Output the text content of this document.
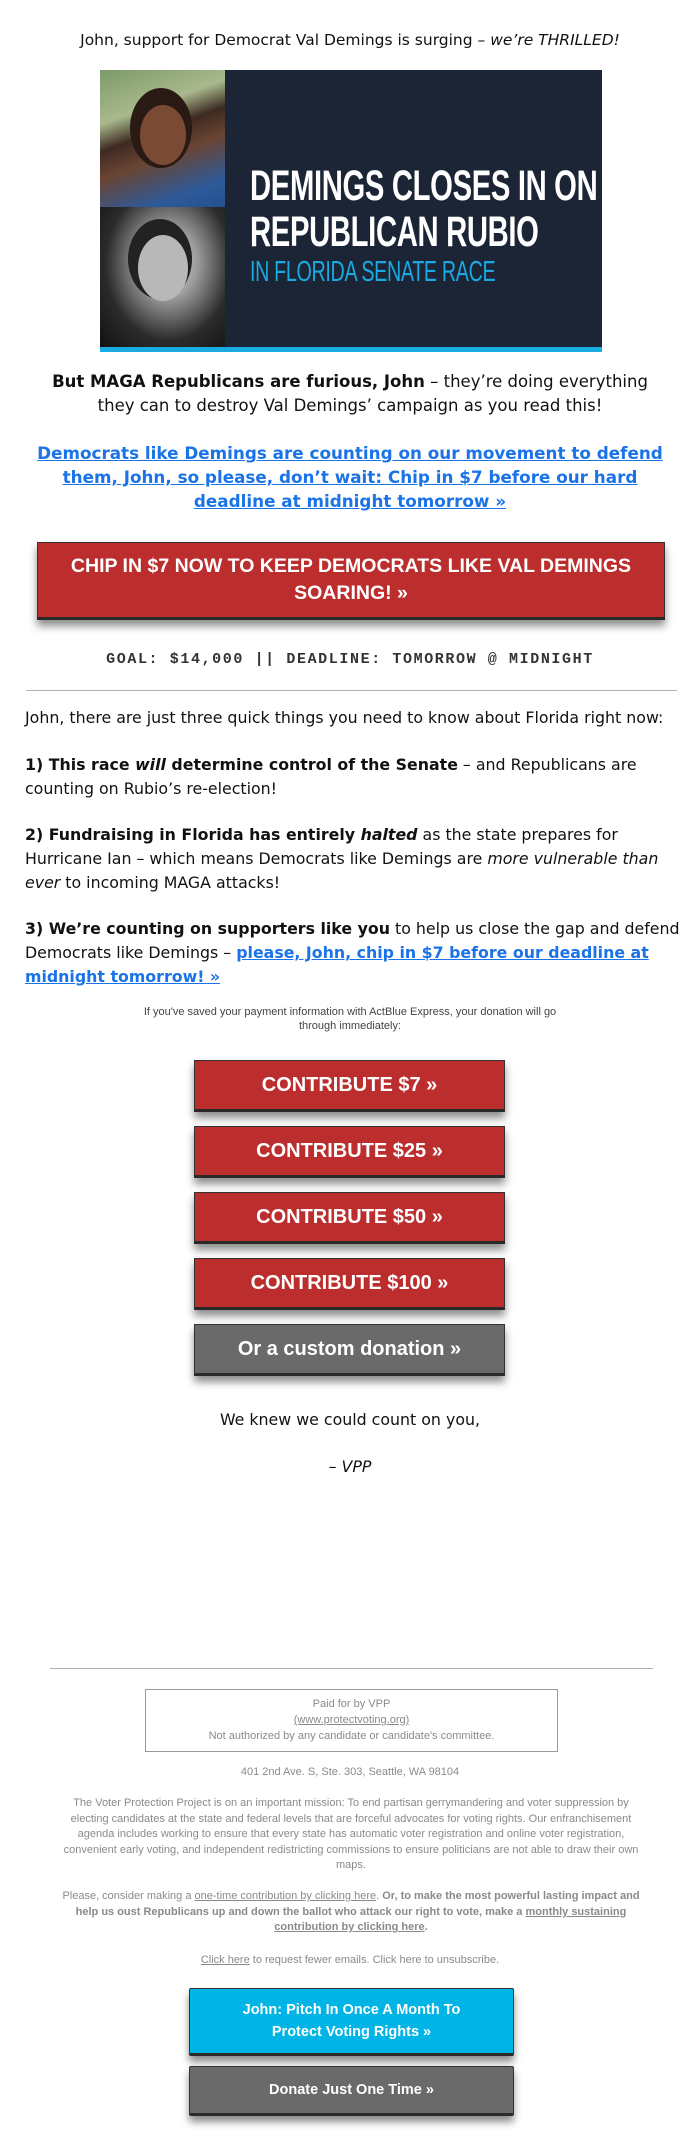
John, support for Democrat Val Demings is surging – we’re THRILLED!
DEMINGS CLOSES IN ON
REPUBLICAN RUBIO
IN FLORIDA SENATE RACE
But MAGA Republicans are furious, John – they’re doing everything they can to destroy Val Demings’ campaign as you read this!
Democrats like Demings are counting on our movement to defend them, John, so please, don’t wait: Chip in $7 before our hard deadline at midnight tomorrow »
CHIP IN $7 NOW TO KEEP DEMOCRATS LIKE VAL DEMINGS SOARING! »
GOAL: $14,000 || DEADLINE: TOMORROW @ MIDNIGHT
John, there are just three quick things you need to know about Florida right now:
1) This race will determine control of the Senate – and Republicans are counting on Rubio’s re-election!
2) Fundraising in Florida has entirely halted as the state prepares for Hurricane Ian – which means Democrats like Demings are more vulnerable than ever to incoming MAGA attacks!
3) We’re counting on supporters like you to help us close the gap and defend Democrats like Demings – please, John, chip in $7 before our deadline at midnight tomorrow! »
If you've saved your payment information with ActBlue Express, your donation will go through immediately:
CONTRIBUTE $7 »
CONTRIBUTE $25 »
CONTRIBUTE $50 »
CONTRIBUTE $100 »
Or a custom donation »
We knew we could count on you,
– VPP
Paid for by VPP
(www.protectvoting.org)
Not authorized by any candidate or candidate's committee.
401 2nd Ave. S, Ste. 303, Seattle, WA 98104
The Voter Protection Project is on an important mission: To end partisan gerrymandering and voter suppression by electing candidates at the state and federal levels that are forceful advocates for voting rights. Our enfranchisement agenda includes working to ensure that every state has automatic voter registration and online voter registration, convenient early voting, and independent redistricting commissions to ensure politicians are not able to draw their own maps.
Please, consider making a one-time contribution by clicking here. Or, to make the most powerful lasting impact and help us oust Republicans up and down the ballot who attack our right to vote, make a monthly sustaining contribution by clicking here.
Click here to request fewer emails. Click here to unsubscribe.
John: Pitch In Once A Month To Protect Voting Rights »
Donate Just One Time »
